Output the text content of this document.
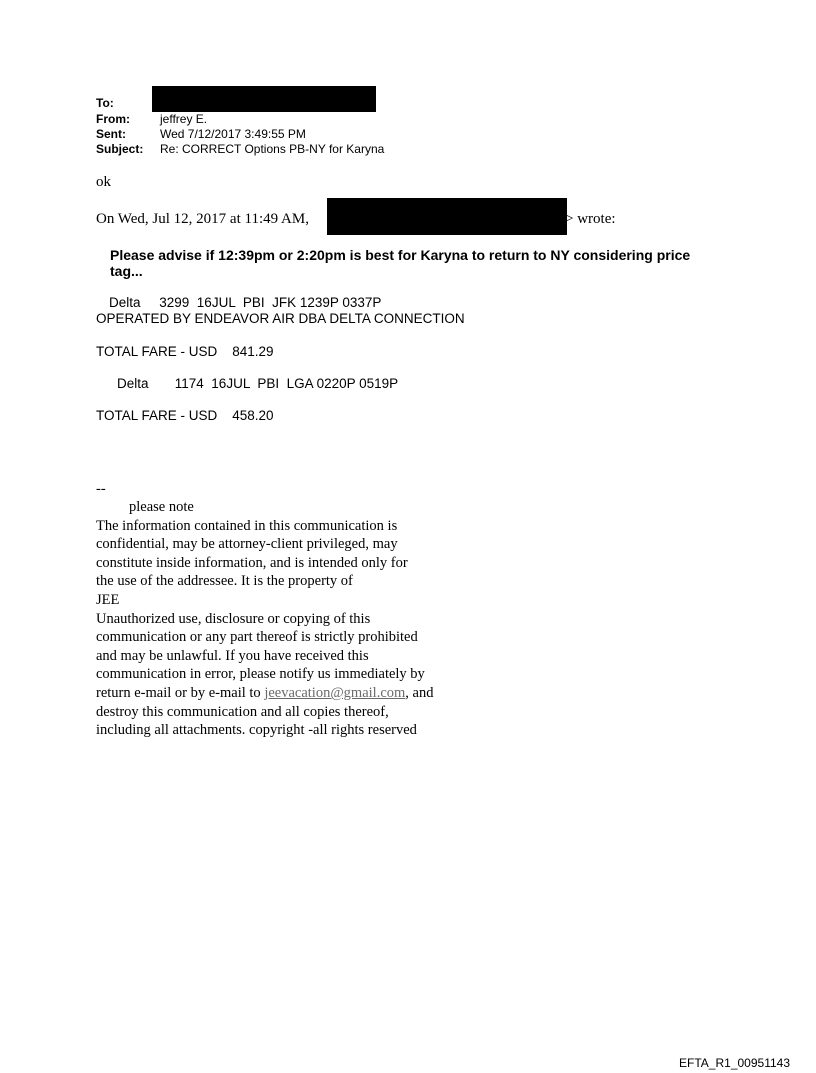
To:
From:	jeffrey E.
Sent:	Wed 7/12/2017 3:49:55 PM
Subject: Re: CORRECT Options PB-NY for Karyna
ok
On Wed, Jul 12, 2017 at 11:49 AM,	> wrote:
Please advise if 12:39pm or 2:20pm is best for Karyna to return to NY considering price
tag...
Delta     3299  16JUL  PBI  JFK 1239P 0337P
OPERATED BY ENDEAVOR AIR DBA DELTA CONNECTION
TOTAL FARE - USD    841.29
Delta       1174  16JUL  PBI  LGA 0220P 0519P
TOTAL FARE - USD    458.20
--
please note
The information contained in this communication is
confidential, may be attorney-client privileged, may
constitute inside information, and is intended only for
the use of the addressee. It is the property of
JEE
Unauthorized use, disclosure or copying of this
communication or any part thereof is strictly prohibited
and may be unlawful. If you have received this
communication in error, please notify us immediately by
return e-mail or by e-mail to jeevacation@gmail.com, and
destroy this communication and all copies thereof,
including all attachments. copyright -all rights reserved
EFTA_R1_00951143
